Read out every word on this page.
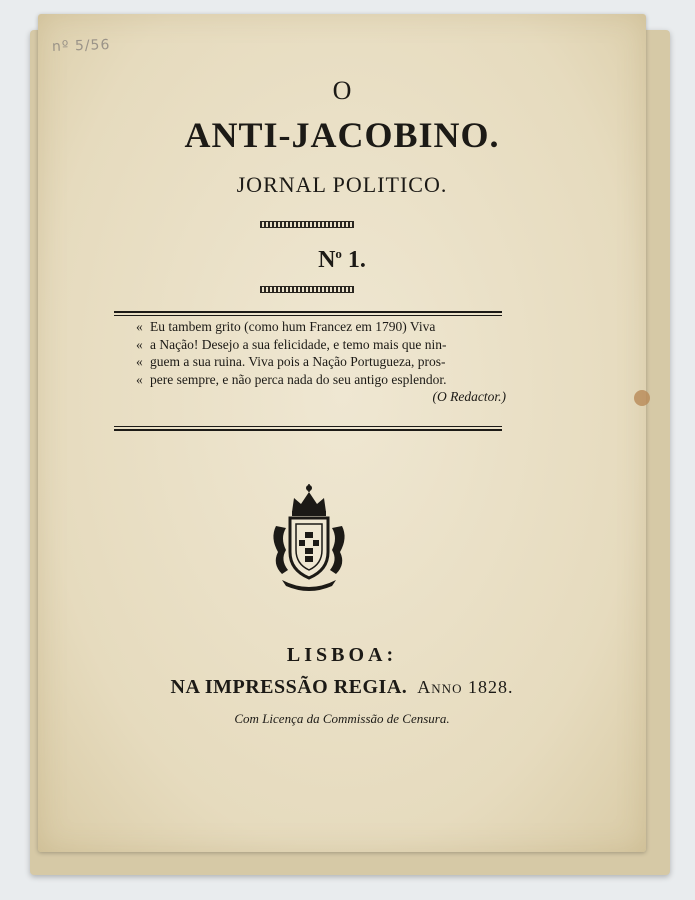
nº 5/56
O
ANTI-JACOBINO.
JORNAL POLITICO.
$N^o$ 1.
« Eu tambem grito (como hum Francez em 1790) Viva
« a Nação! Desejo a sua felicidade, e temo mais que nin-
« guem a sua ruina. Viva pois a Nação Portugueza, pros-
« pere sempre, e não perca nada do seu antigo esplendor.
(O Redactor.)
LISBOA:
NA IMPRESSÃO REGIA. Anno 1828.
Com Licença da Commissão de Censura.
